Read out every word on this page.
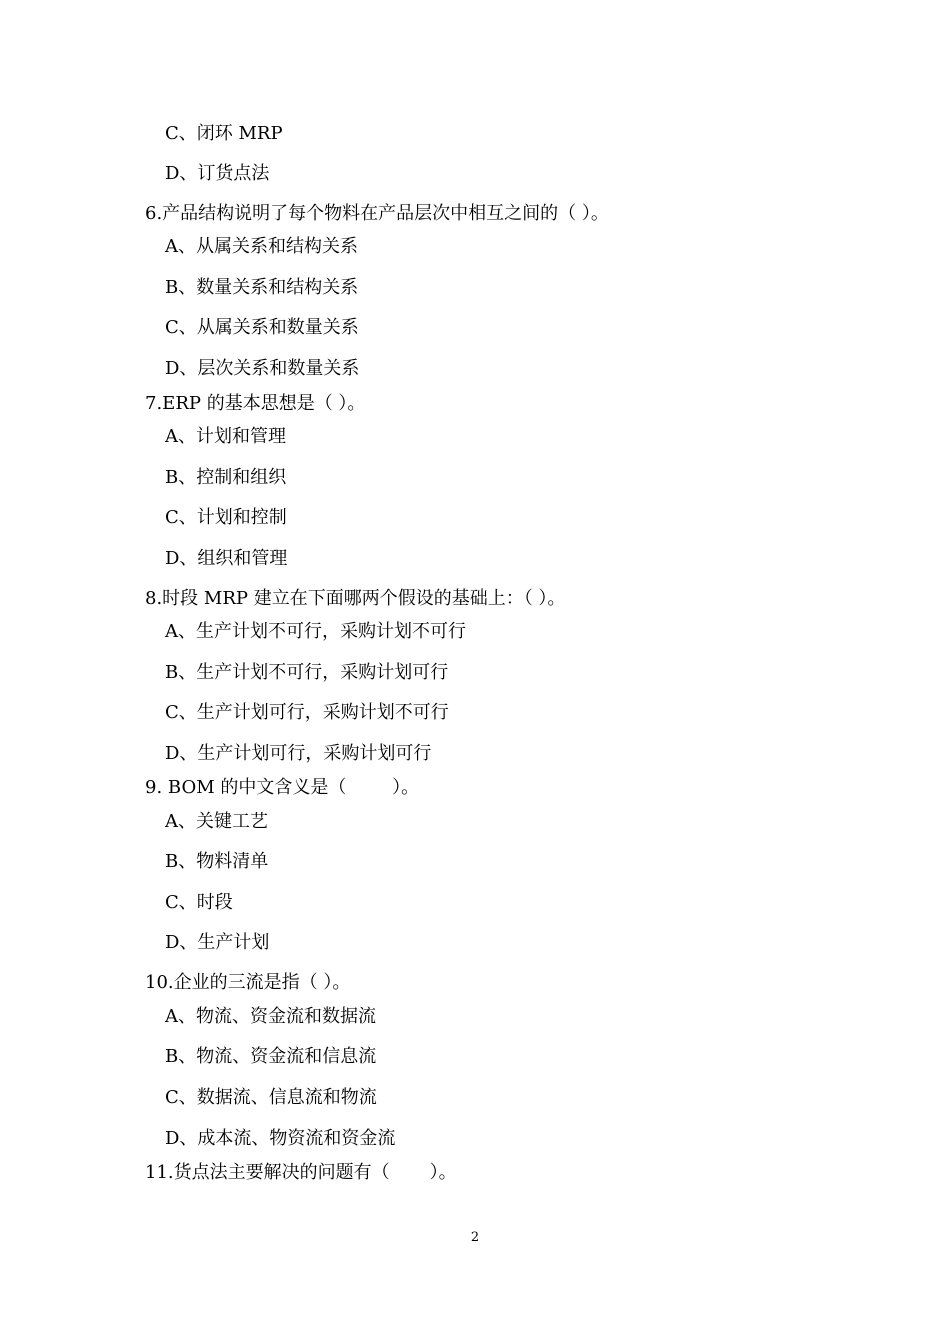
C、闭环 MRP
D、订货点法
6.产品结构说明了每个物料在产品层次中相互之间的（ ）。
A、从属关系和结构关系
B、数量关系和结构关系
C、从属关系和数量关系
D、层次关系和数量关系
7.ERP 的基本思想是（ ）。
A、计划和管理
B、控制和组织
C、计划和控制
D、组织和管理
8.时段 MRP 建立在下面哪两个假设的基础上：（ ）。
A、生产计划不可行，采购计划不可行
B、生产计划不可行，采购计划可行
C、生产计划可行，采购计划不可行
D、生产计划可行，采购计划可行
9. BOM 的中文含义是（        ）。
A、关键工艺
B、物料清单
C、时段
D、生产计划
10.企业的三流是指（ ）。
A、物流、资金流和数据流
B、物流、资金流和信息流
C、数据流、信息流和物流
D、成本流、物资流和资金流
11.货点法主要解决的问题有（       ）。
2
